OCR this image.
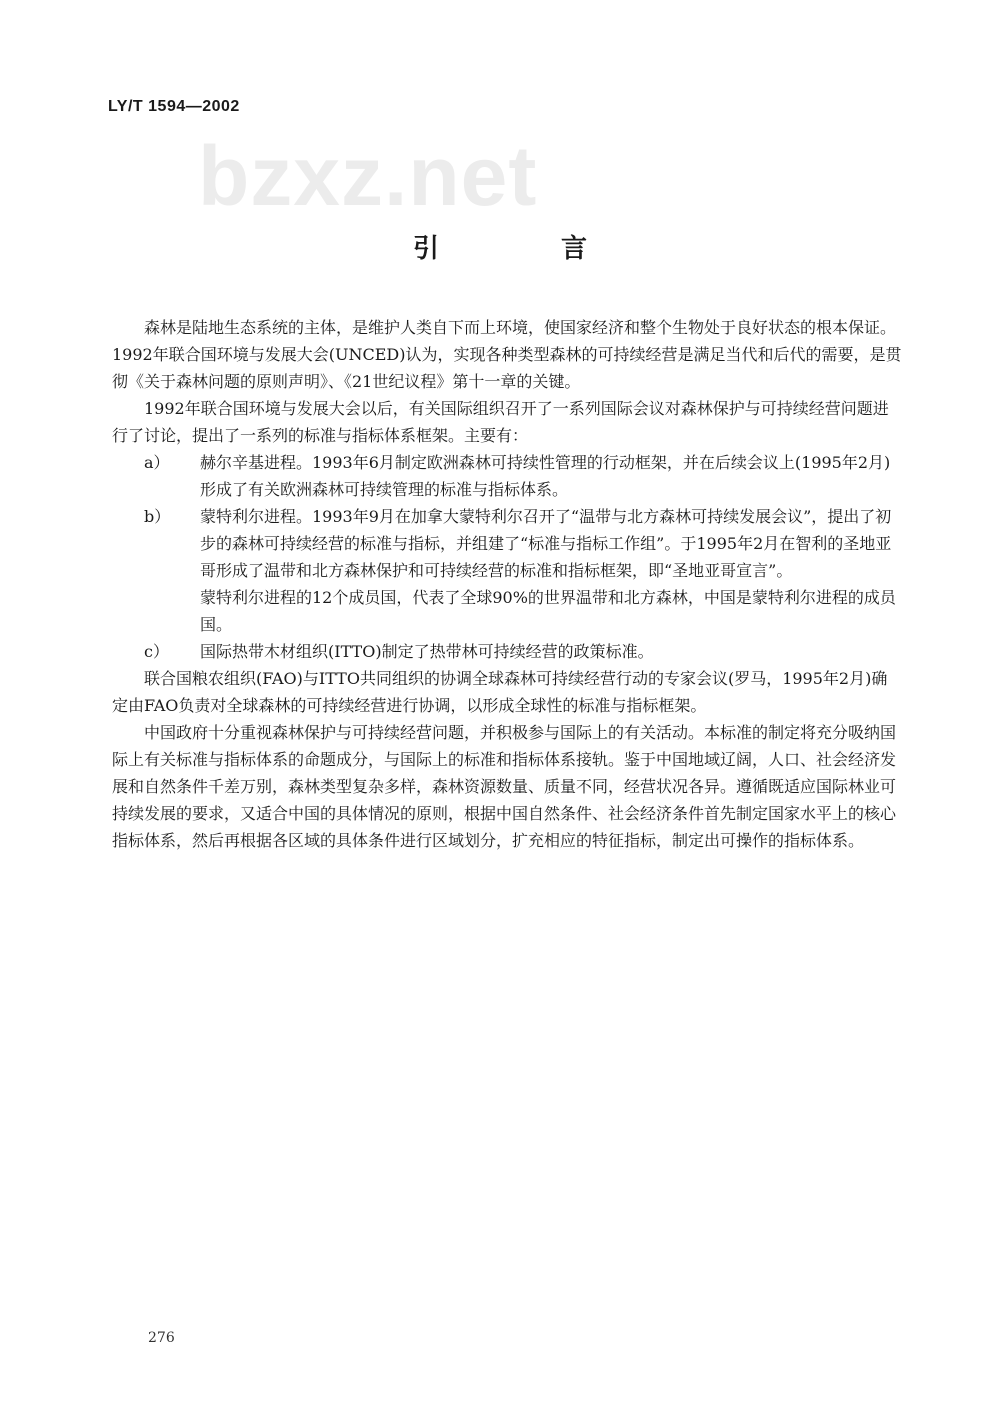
LY/T 1594—2002
bzxz.net
引　言

森林是陆地生态系统的主体，是维护人类自下而上环境，使国家经济和整个生物处于良好状态的根本保证。1992年联合国环境与发展大会(UNCED)认为，实现各种类型森林的可持续经营是满足当代和后代的需要，是贯彻《关于森林问题的原则声明》、《21世纪议程》第十一章的关键。

1992年联合国环境与发展大会以后，有关国际组织召开了一系列国际会议对森林保护与可持续经营问题进行了讨论，提出了一系列的标准与指标体系框架。主要有：

a）	赫尔辛基进程。1993年6月制定欧洲森林可持续性管理的行动框架，并在后续会议上(1995年2月)形成了有关欧洲森林可持续管理的标准与指标体系。
b）	蒙特利尔进程。1993年9月在加拿大蒙特利尔召开了“温带与北方森林可持续发展会议”，提出了初步的森林可持续经营的标准与指标，并组建了“标准与指标工作组”。于1995年2月在智利的圣地亚哥形成了温带和北方森林保护和可持续经营的标准和指标框架，即“圣地亚哥宣言”。

蒙特利尔进程的12个成员国，代表了全球90%的世界温带和北方森林，中国是蒙特利尔进程的成员国。

c）	国际热带木材组织(ITTO)制定了热带林可持续经营的政策标准。

联合国粮农组织(FAO)与ITTO共同组织的协调全球森林可持续经营行动的专家会议(罗马，1995年2月)确定由FAO负责对全球森林的可持续经营进行协调，以形成全球性的标准与指标框架。

中国政府十分重视森林保护与可持续经营问题，并积极参与国际上的有关活动。本标准的制定将充分吸纳国际上有关标准与指标体系的命题成分，与国际上的标准和指标体系接轨。鉴于中国地域辽阔，人口、社会经济发展和自然条件千差万别，森林类型复杂多样，森林资源数量、质量不同，经营状况各异。遵循既适应国际林业可持续发展的要求，又适合中国的具体情况的原则，根据中国自然条件、社会经济条件首先制定国家水平上的核心指标体系，然后再根据各区域的具体条件进行区域划分，扩充相应的特征指标，制定出可操作的指标体系。

276
